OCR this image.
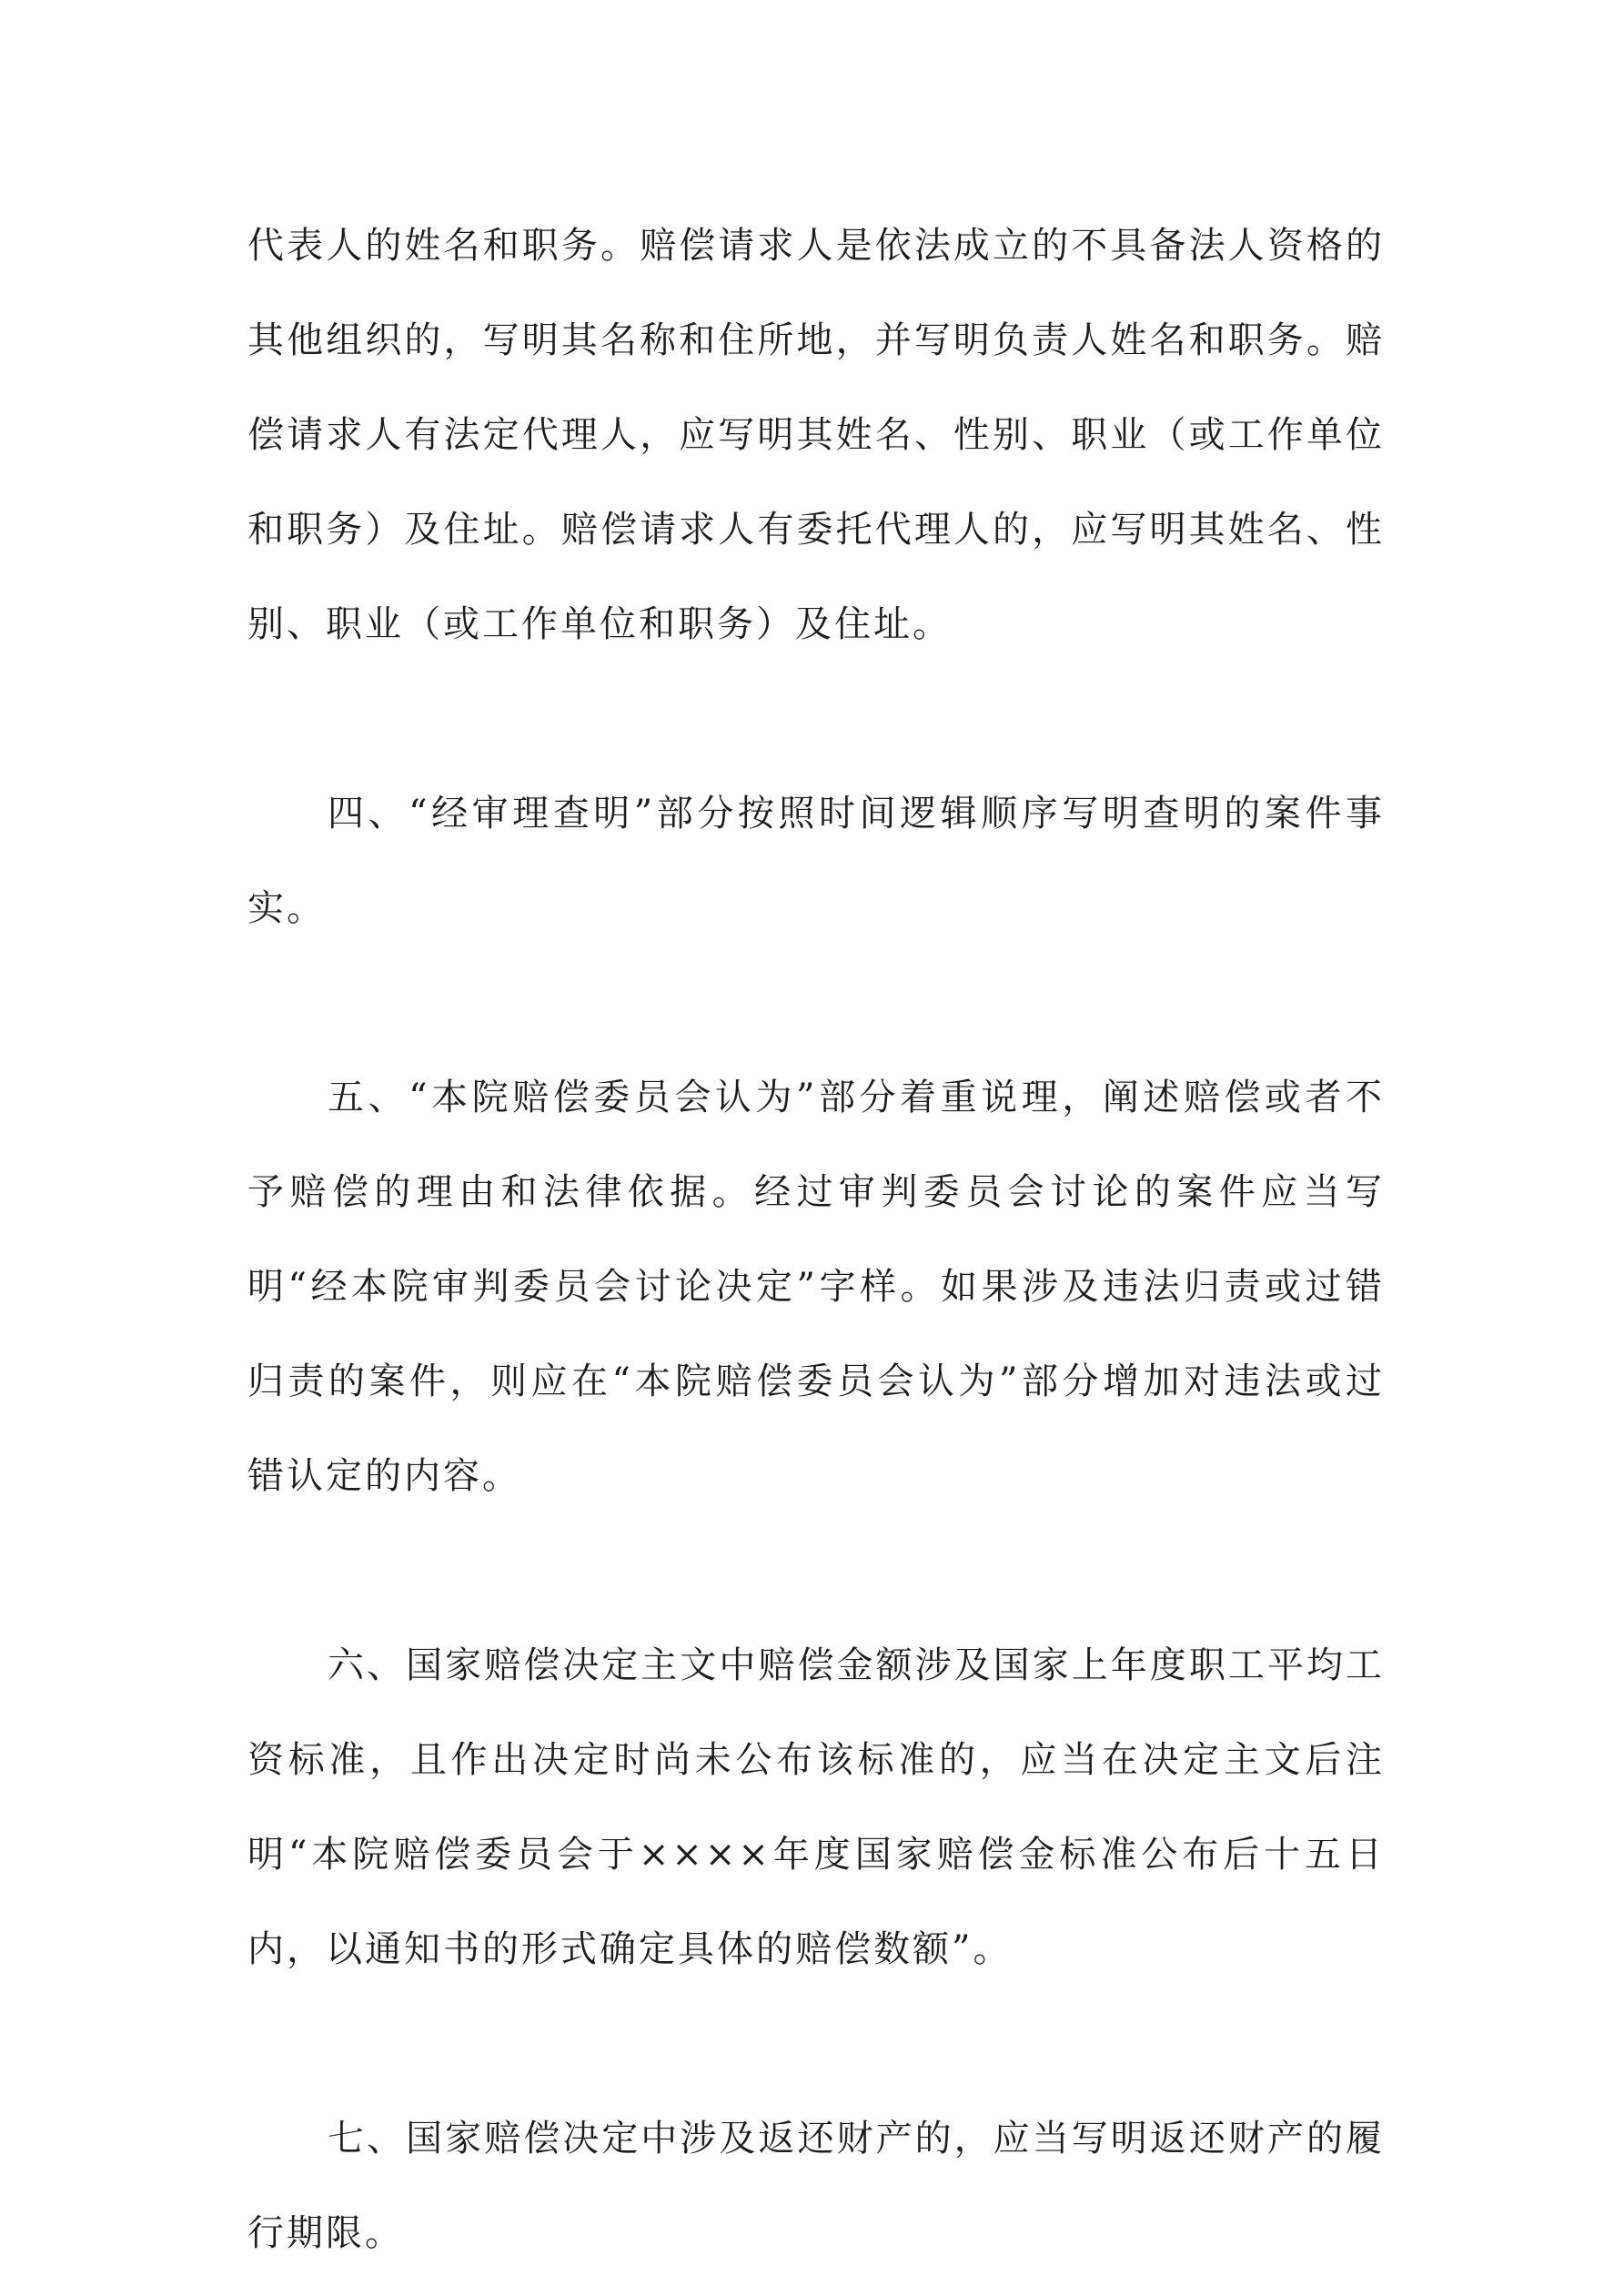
代表人的姓名和职务。赔偿请求人是依法成立的不具备法人资格的其他组织的，写明其名称和住所地，并写明负责人姓名和职务。赔偿请求人有法定代理人，应写明其姓名、性别、职业（或工作单位和职务）及住址。赔偿请求人有委托代理人的，应写明其姓名、性别、职业（或工作单位和职务）及住址。

四、“经审理查明”部分按照时间逻辑顺序写明查明的案件事实。

五、“本院赔偿委员会认为”部分着重说理，阐述赔偿或者不予赔偿的理由和法律依据。经过审判委员会讨论的案件应当写明“经本院审判委员会讨论决定”字样。如果涉及违法归责或过错归责的案件，则应在“本院赔偿委员会认为”部分增加对违法或过错认定的内容。

六、国家赔偿决定主文中赔偿金额涉及国家上年度职工平均工资标准，且作出决定时尚未公布该标准的，应当在决定主文后注明“本院赔偿委员会于××××年度国家赔偿金标准公布后十五日内，以通知书的形式确定具体的赔偿数额”。

七、国家赔偿决定中涉及返还财产的，应当写明返还财产的履行期限。
